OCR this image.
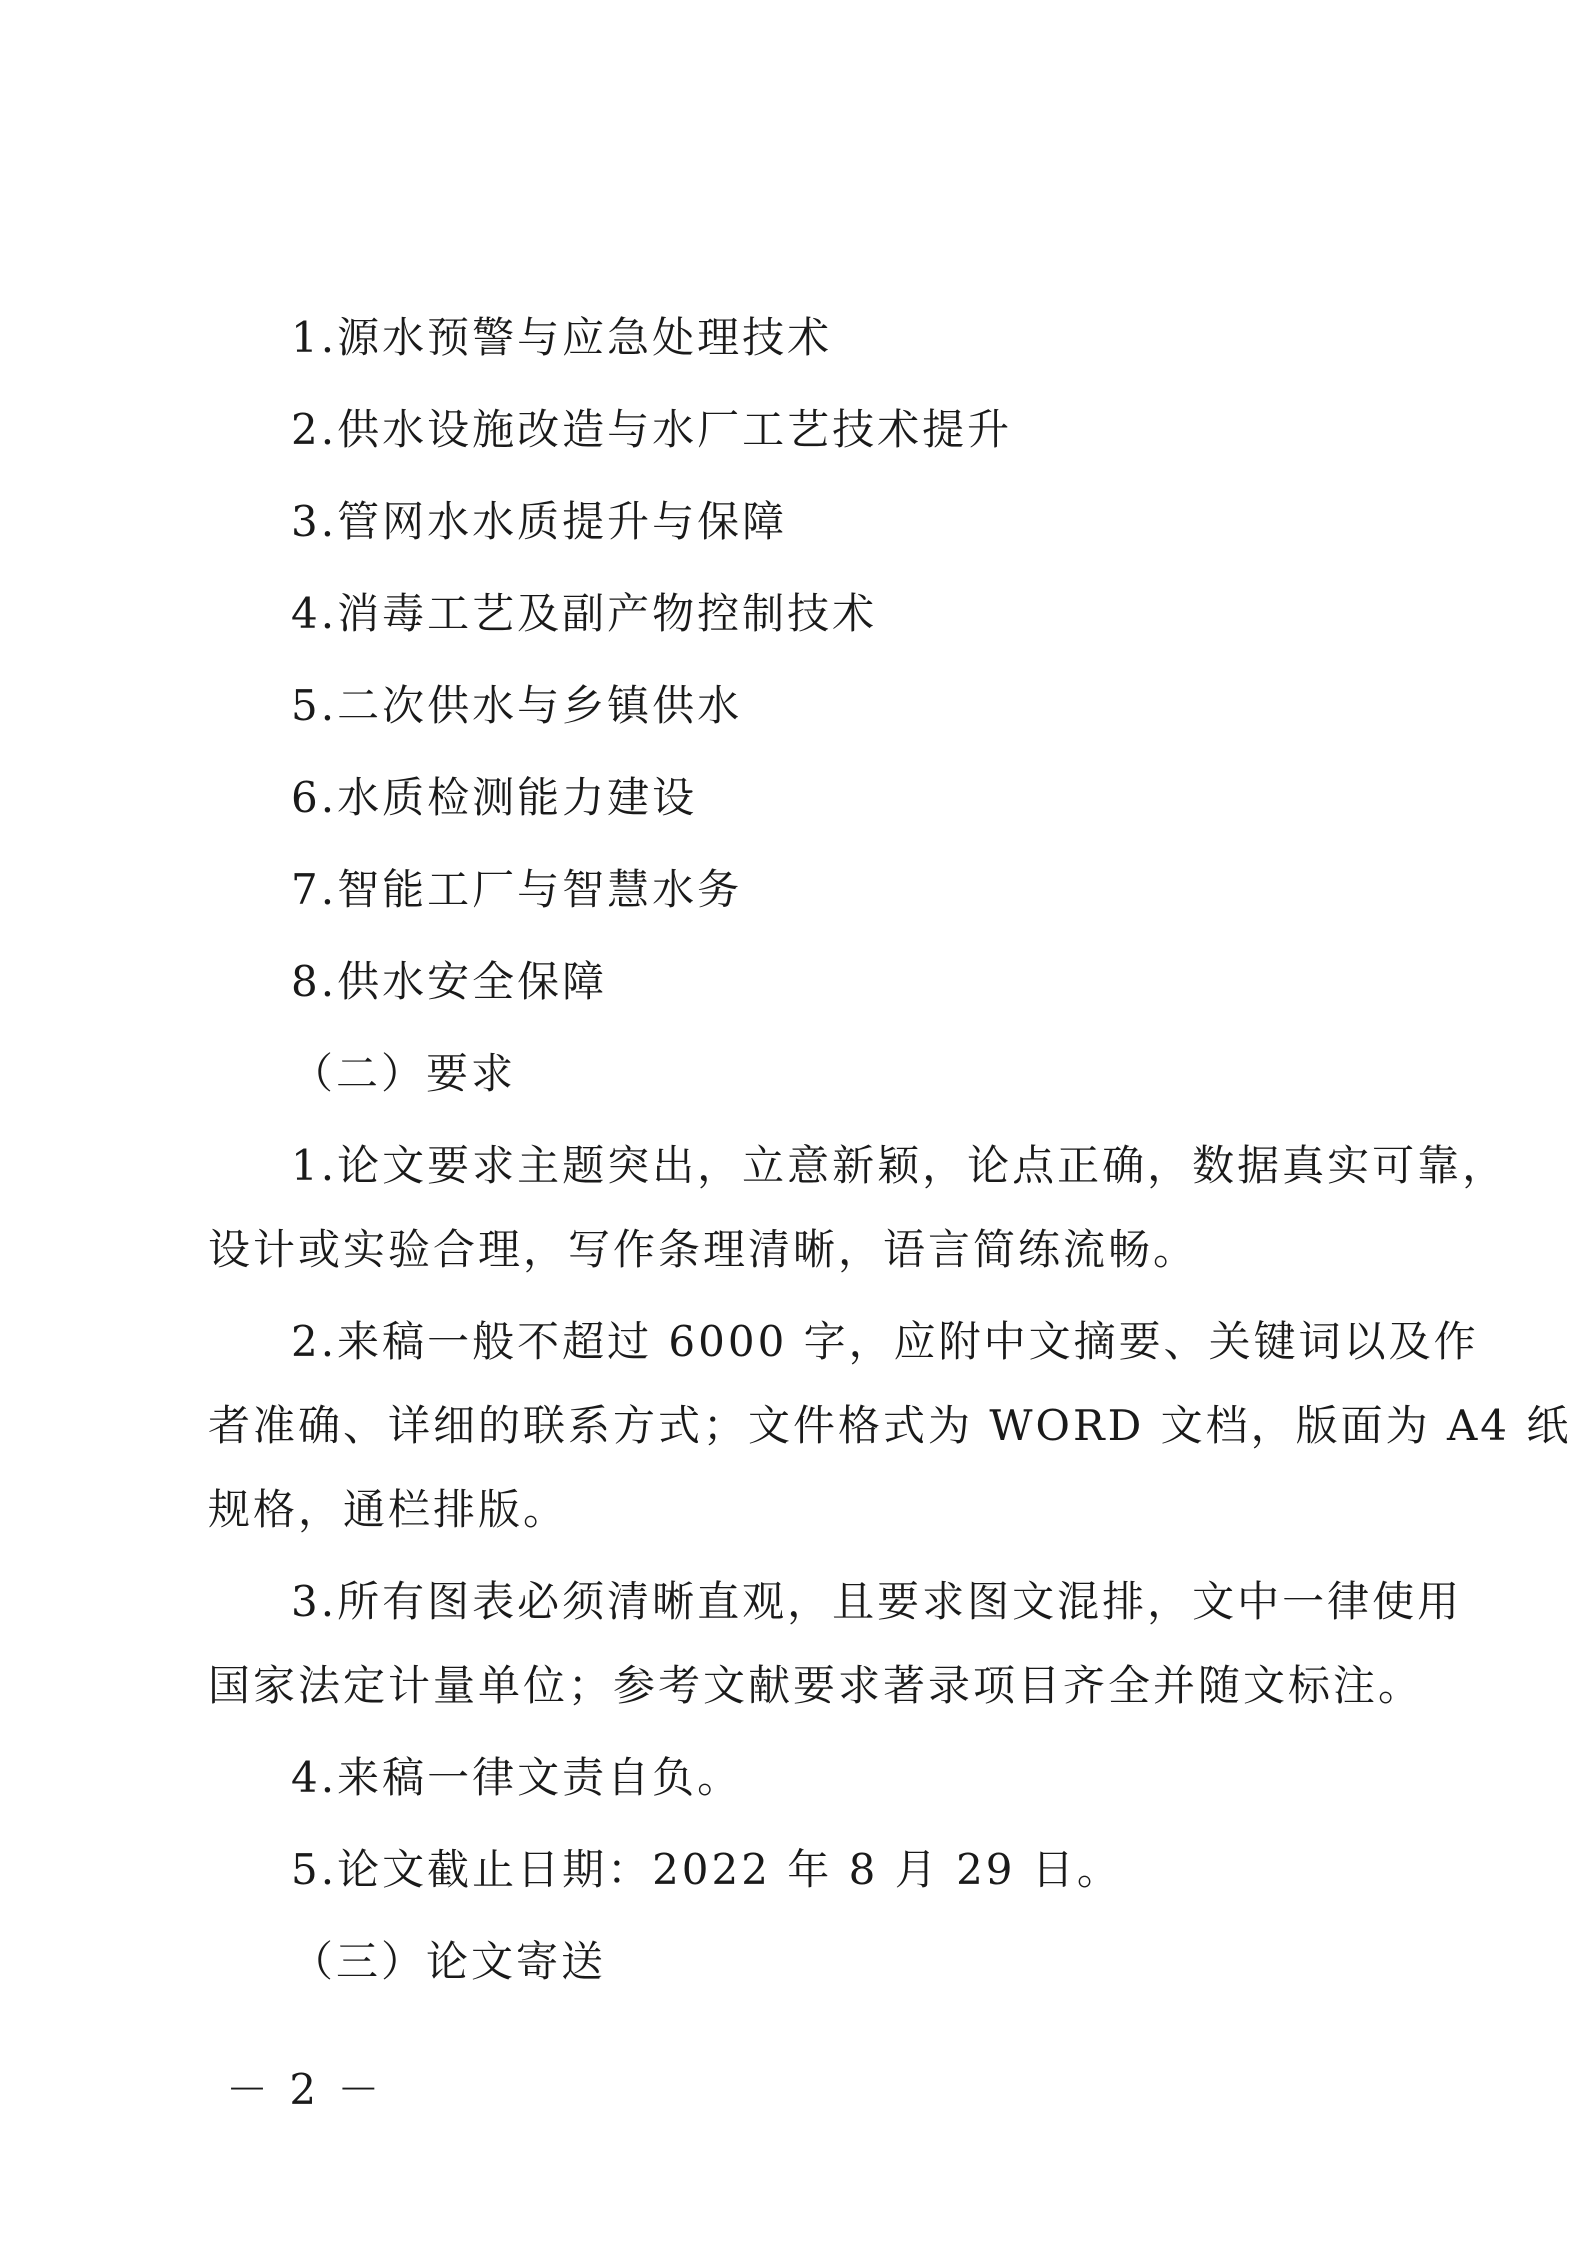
1.源水预警与应急处理技术

2.供水设施改造与水厂工艺技术提升

3.管网水水质提升与保障

4.消毒工艺及副产物控制技术

5.二次供水与乡镇供水

6.水质检测能力建设

7.智能工厂与智慧水务

8.供水安全保障

（二）要求

1.论文要求主题突出，立意新颖，论点正确，数据真实可靠，

设计或实验合理，写作条理清晰，语言简练流畅。

2.来稿一般不超过 6000 字，应附中文摘要、关键词以及作

者准确、详细的联系方式；文件格式为 WORD 文档，版面为 A4 纸

规格，通栏排版。

3.所有图表必须清晰直观，且要求图文混排，文中一律使用

国家法定计量单位；参考文献要求著录项目齐全并随文标注。

4.来稿一律文责自负。

5.论文截止日期：2022 年 8 月 29 日。

（三）论文寄送

－ 2 －
